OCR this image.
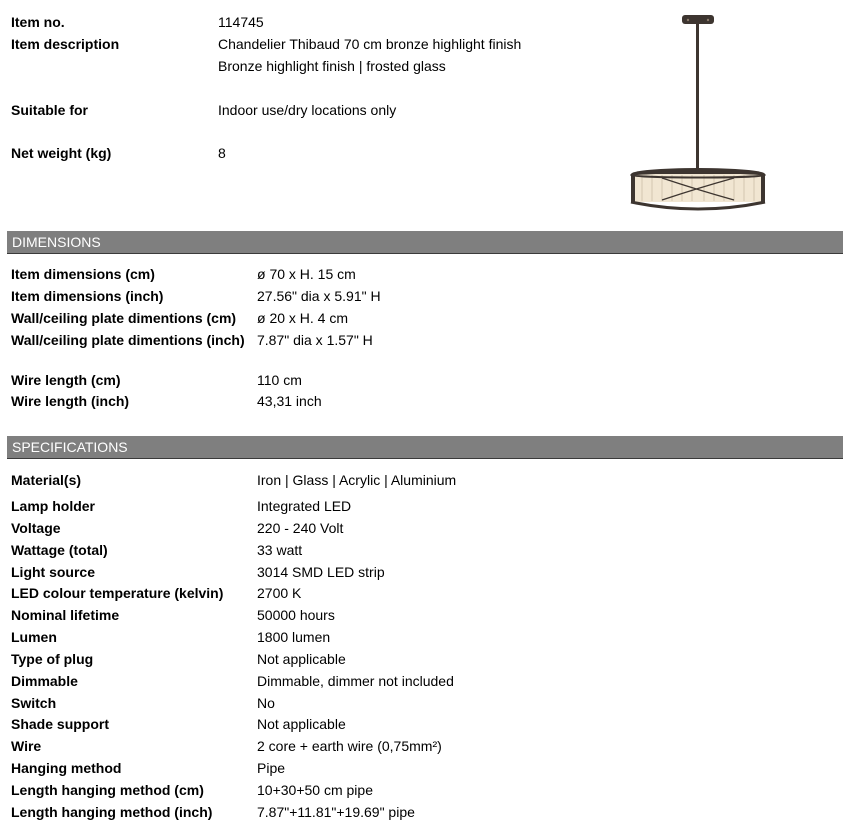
Item no.	114745
Item description	Chandelier Thibaud 70 cm bronze highlight finish
Bronze highlight finish | frosted glass
Suitable for	Indoor use/dry locations only
Net weight (kg)	8
DIMENSIONS
Item dimensions (cm)	ø 70 x H. 15 cm
Item dimensions (inch)	27.56" dia x 5.91" H
Wall/ceiling plate dimentions (cm) ø 20 x H. 4 cm
Wall/ceiling plate dimentions (inch) 7.87" dia x 1.57" H
Wire length (cm)	110 cm
Wire length (inch)	43,31 inch
SPECIFICATIONS
Material(s)	Iron | Glass | Acrylic | Aluminium
Lamp holder	Integrated LED
Voltage	220 - 240 Volt
Wattage (total)	33 watt
Light source	3014 SMD LED strip
LED colour temperature (kelvin) 2700 K
Nominal lifetime	50000 hours
Lumen	1800 lumen
Type of plug	Not applicable
Dimmable	Dimmable, dimmer not included
Switch	No
Shade support	Not applicable
Wire	2 core + earth wire (0,75mm²)
Hanging method	Pipe
Length hanging method (cm)	10+30+50 cm pipe
Length hanging method (inch)	7.87"+11.81"+19.69" pipe
